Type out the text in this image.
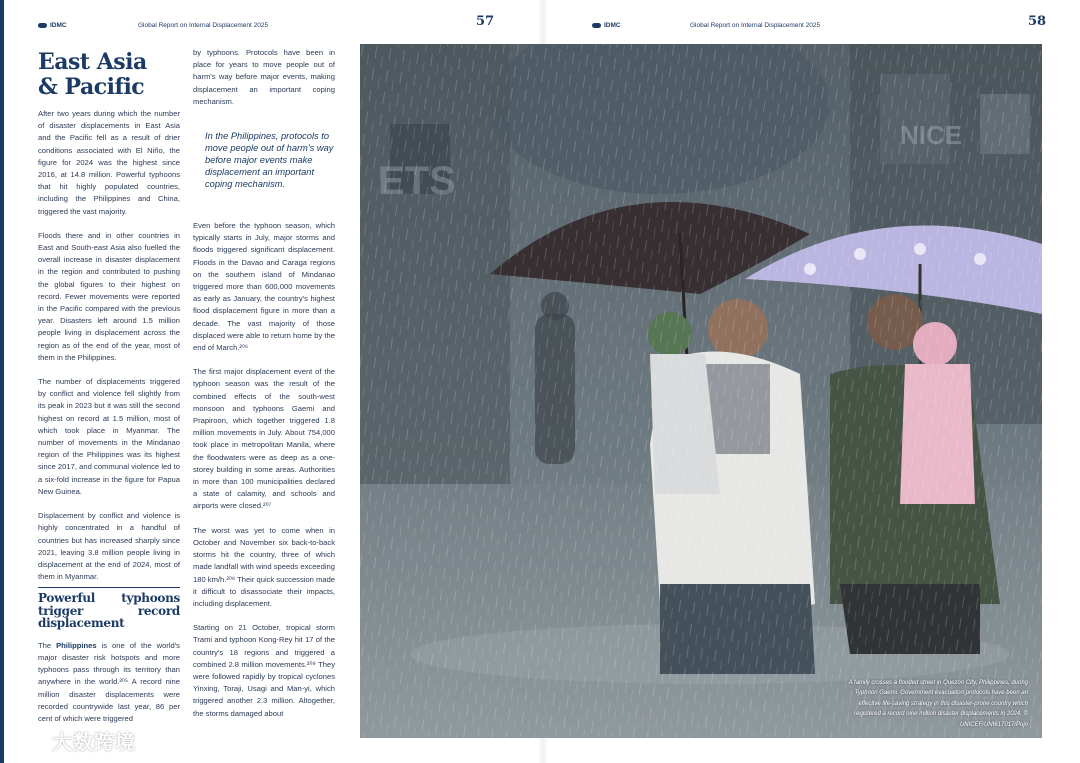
IDMC	Global Report on Internal Displacement 2025	57	IDMC	Global Report on Internal Displacement 2025	58
East Asia
& Pacific

After two years during which the number of disaster displacements in East Asia and the Pacific fell as a result of drier conditions associated with El Niño, the figure for 2024 was the highest since 2016, at 14.8 million. Powerful typhoons that hit highly populated countries, including the Philippines and China, triggered the vast majority.

Floods there and in other countries in East and South-east Asia also fuelled the overall increase in disaster displacement in the region and contributed to pushing the global figures to their highest on record. Fewer movements were reported in the Pacific compared with the previous year. Disasters left around 1.5 million people living in displacement across the region as of the end of the year, most of them in the Philippines.

The number of displacements triggered by conflict and violence fell slightly from its peak in 2023 but it was still the second highest on record at 1.5 million, most of which took place in Myanmar. The number of movements in the Mindanao region of the Philippines was its highest since 2017, and communal violence led to a six-fold increase in the figure for Papua New Guinea.

Displacement by conflict and violence is highly concentrated in a handful of countries but has increased sharply since 2021, leaving 3.8 million people living in displacement at the end of 2024, most of them in Myanmar.

Powerful typhoons trigger record displacement

The Philippines is one of the world's major disaster risk hotspots and more typhoons pass through its territory than anywhere in the world.²⁰⁵ A record nine million disaster displacements were recorded countrywide last year, 86 per cent of which were triggered

by typhoons. Protocols have been in place for years to move people out of harm's way before major events, making displacement an important coping mechanism.

In the Philippines, protocols to move people out of harm's way before major events make displacement an important coping mechanism.

Even before the typhoon season, which typically starts in July, major storms and floods triggered significant displacement. Floods in the Davao and Caraga regions on the southern island of Mindanao triggered more than 600,000 movements as early as January, the country's highest flood displacement figure in more than a decade. The vast majority of those displaced were able to return home by the end of March.²⁰⁶

The first major displacement event of the typhoon season was the result of the combined effects of the south-west monsoon and typhoons Gaemi and Prapiroon, which together triggered 1.8 million movements in July. About 754,000 took place in metropolitan Manila, where the floodwaters were as deep as a one-storey building in some areas. Authorities in more than 100 municipalities declared a state of calamity, and schools and airports were closed.²⁰⁷

The worst was yet to come when in October and November six back-to-back storms hit the country, three of which made landfall with wind speeds exceeding 180 km/h.²⁰⁸ Their quick succession made it difficult to disassociate their impacts, including displacement.

Starting on 21 October, tropical storm Trami and typhoon Kong-Rey hit 17 of the country's 18 regions and triggered a combined 2.8 million movements.²⁰⁹ They were followed rapidly by tropical cyclones Yinxing, Toraji, Usagi and Man-yi, which triggered another 2.3 million. Altogether, the storms damaged about

A family crosses a flooded street in Quezon City, Philippines, during Typhoon Gaemi. Government evacuation protocols have been an effective life-saving strategy in this disaster-prone country which registered a record nine million disaster displacements in 2024. © UNICEF/UNI617017/Pojo
大数跨境
